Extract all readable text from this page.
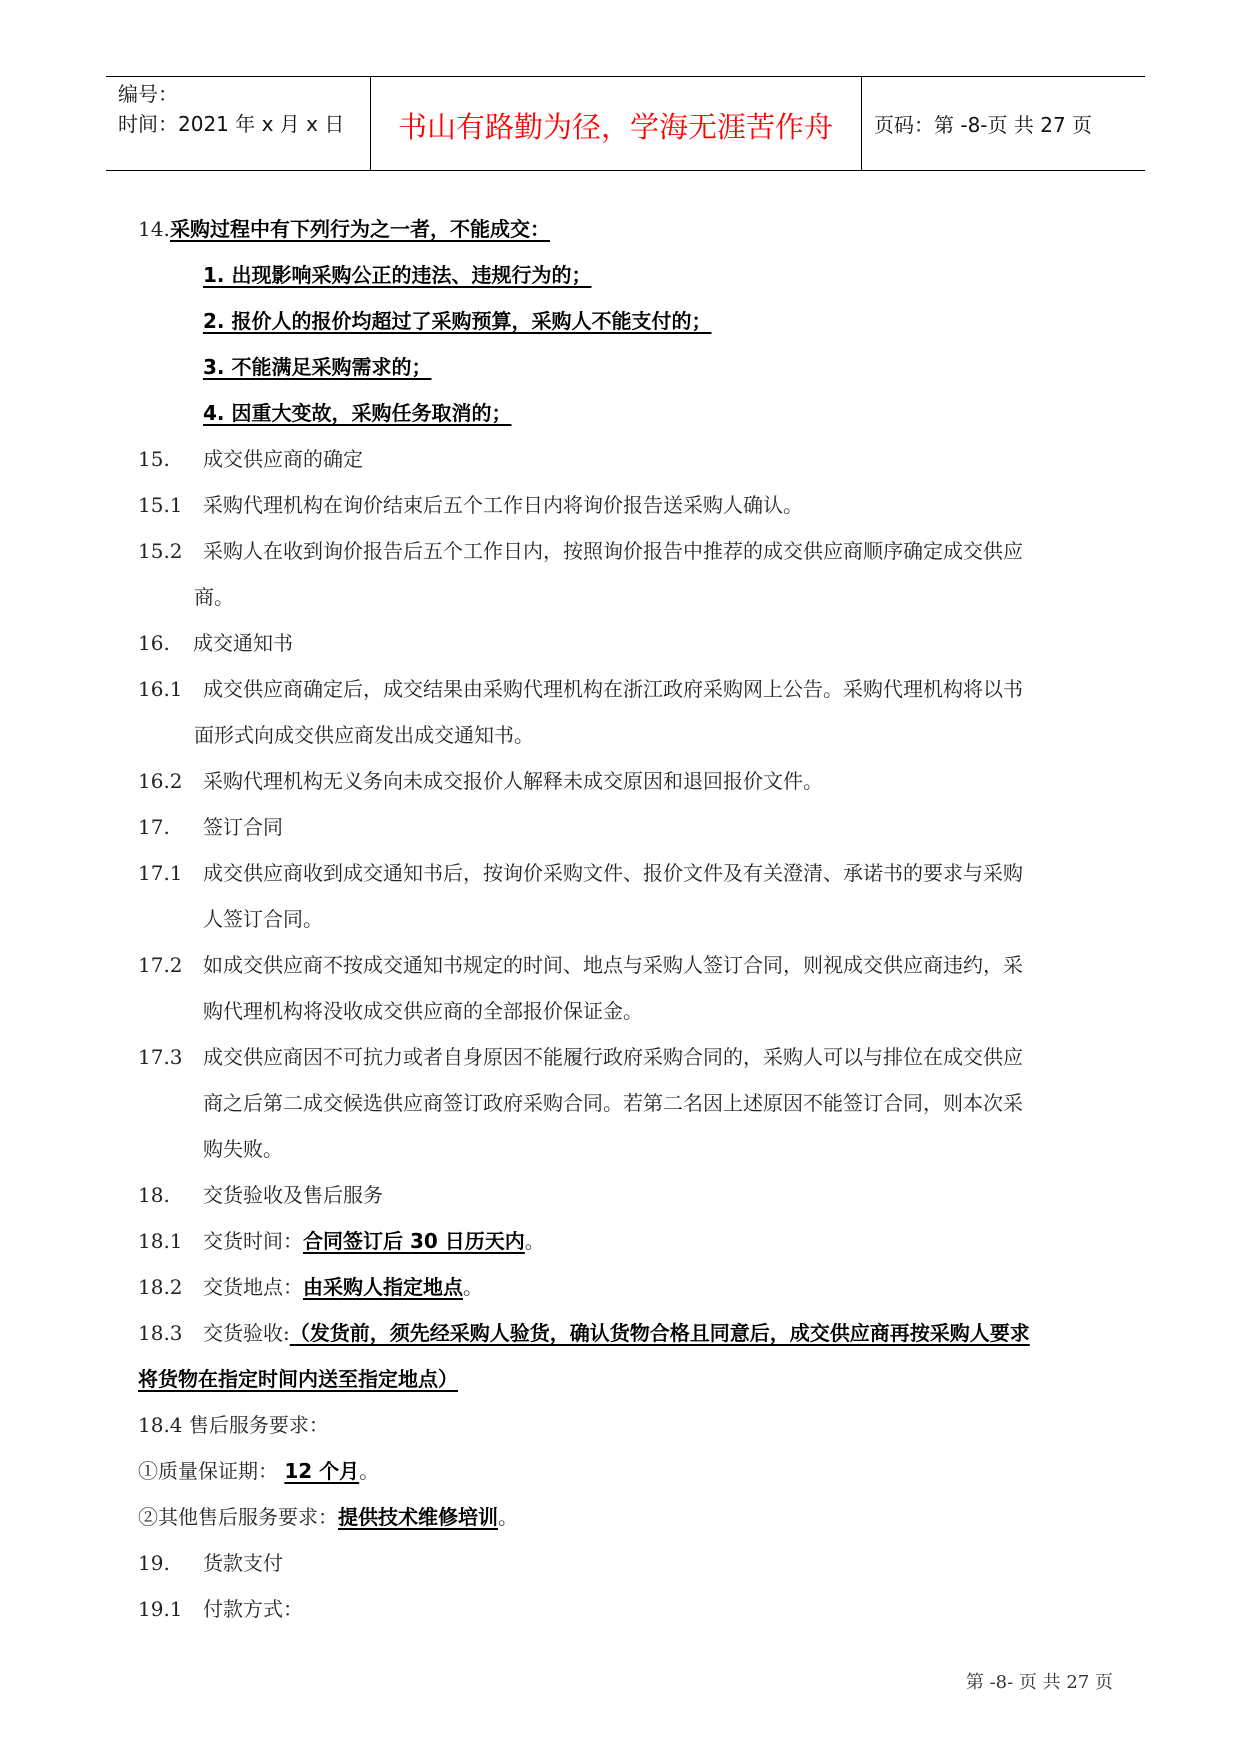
编号：
时间：2021 年 x 月 x 日	书山有路勤为径，学海无涯苦作舟	页码：第 -8-页 共 27 页
14. 采购过程中有下列行为之一者，不能成交：
1. 出现影响采购公正的违法、违规行为的；
2. 报价人的报价均超过了采购预算，采购人不能支付的；
3. 不能满足采购需求的；
4. 因重大变故，采购任务取消的；
15. 成交供应商的确定
15.1 采购代理机构在询价结束后五个工作日内将询价报告送采购人确认。
15.2 采购人在收到询价报告后五个工作日内，按照询价报告中推荐的成交供应商顺序确定成交供应
商。
16. 成交通知书
16.1 成交供应商确定后，成交结果由采购代理机构在浙江政府采购网上公告。采购代理机构将以书
面形式向成交供应商发出成交通知书。
16.2 采购代理机构无义务向未成交报价人解释未成交原因和退回报价文件。
17. 签订合同
17.1 成交供应商收到成交通知书后，按询价采购文件、报价文件及有关澄清、承诺书的要求与采购
人签订合同。
17.2 如成交供应商不按成交通知书规定的时间、地点与采购人签订合同，则视成交供应商违约，采
购代理机构将没收成交供应商的全部报价保证金。
17.3 成交供应商因不可抗力或者自身原因不能履行政府采购合同的，采购人可以与排位在成交供应
商之后第二成交候选供应商签订政府采购合同。若第二名因上述原因不能签订合同，则本次采
购失败。
18. 交货验收及售后服务
18.1 交货时间：合同签订后 30 日历天内。
18.2 交货地点：由采购人指定地点。
18.3 交货验收:（发货前，须先经采购人验货，确认货物合格且同意后，成交供应商再按采购人要求
将货物在指定时间内送至指定地点）
18.4 售后服务要求：
①质量保证期： 12 个月。
②其他售后服务要求：提供技术维修培训。
19. 货款支付
19.1 付款方式：
第 -8- 页 共 27 页
